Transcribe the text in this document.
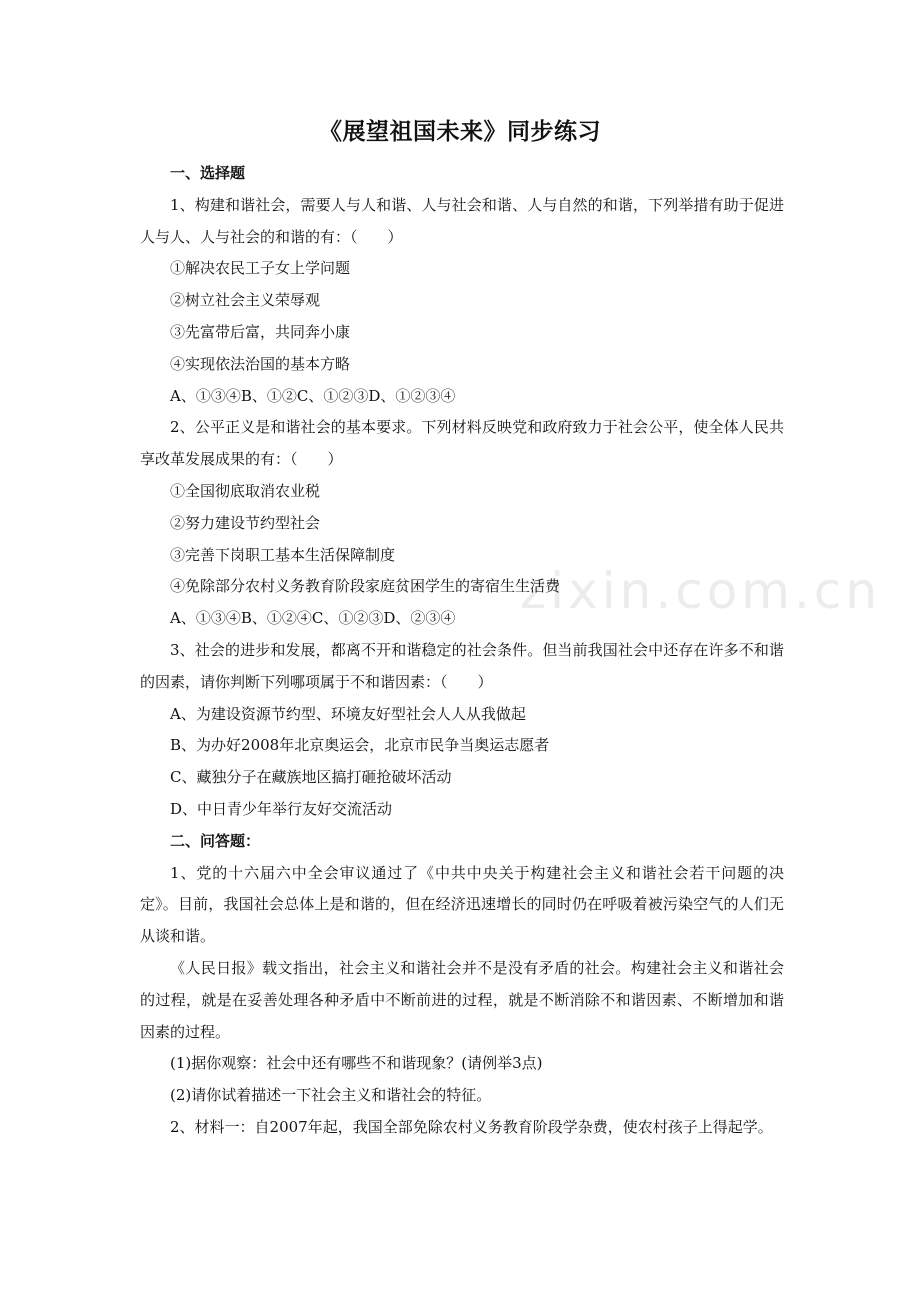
zixin.com.cn
《展望祖国未来》同步练习

一、选择题

1、构建和谐社会，需要人与人和谐、人与社会和谐、人与自然的和谐，下列举措有助于促进人与人、人与社会的和谐的有：（　　）

①解决农民工子女上学问题

②树立社会主义荣辱观

③先富带后富，共同奔小康

④实现依法治国的基本方略

A、①③④B、①②C、①②③D、①②③④

2、公平正义是和谐社会的基本要求。下列材料反映党和政府致力于社会公平，使全体人民共享改革发展成果的有：（　　）

①全国彻底取消农业税

②努力建设节约型社会

③完善下岗职工基本生活保障制度

④免除部分农村义务教育阶段家庭贫困学生的寄宿生生活费

A、①③④B、①②④C、①②③D、②③④

3、社会的进步和发展，都离不开和谐稳定的社会条件。但当前我国社会中还存在许多不和谐的因素，请你判断下列哪项属于不和谐因素：（　　）

A、为建设资源节约型、环境友好型社会人人从我做起

B、为办好2008年北京奥运会，北京市民争当奥运志愿者

C、藏独分子在藏族地区搞打砸抢破坏活动

D、中日青少年举行友好交流活动

二、问答题：

1、党的十六届六中全会审议通过了《中共中央关于构建社会主义和谐社会若干问题的决定》。目前，我国社会总体上是和谐的，但在经济迅速增长的同时仍在呼吸着被污染空气的人们无从谈和谐。

《人民日报》载文指出，社会主义和谐社会并不是没有矛盾的社会。构建社会主义和谐社会的过程，就是在妥善处理各种矛盾中不断前进的过程，就是不断消除不和谐因素、不断增加和谐因素的过程。

(1)据你观察：社会中还有哪些不和谐现象？(请例举3点)

(2)请你试着描述一下社会主义和谐社会的特征。

2、材料一：自2007年起，我国全部免除农村义务教育阶段学杂费，使农村孩子上得起学。
